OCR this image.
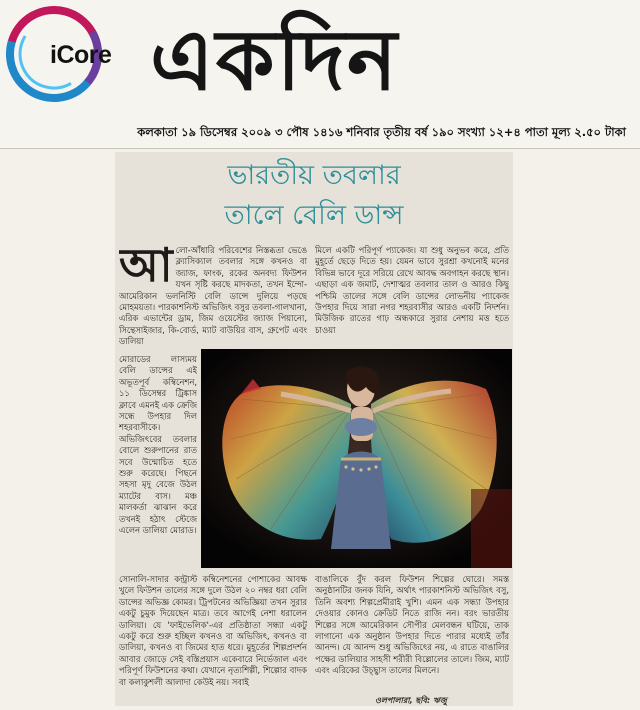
iCore একদিন
কলকাতা ১৯ ডিসেম্বর ২০০৯ ৩ পৌষ ১৪১৬ শনিবার তৃতীয় বর্ষ ১৯০ সংখ্যা ১২+৪ পাতা মূল্য ২.৫০ টাকা
ভারতীয় তবলার
তালে বেলি ডান্স
আলো-আঁধারি পরিবেশের নিস্তব্ধতা ভেঙে ক্ল্যাসিক্যাল তবলার সঙ্গে কখনও বা জ্যাজ, ফাংক, রকের অনবদ্য ফিউশন যখন সৃষ্টি করছে মাদকতা, তখন ইন্দো-আমেরিকান ভলনিস্টি বেলি ডান্সে দুলিয়ে পড়ছে মোহময়তা। পারকাশনিস্ট অভিজিৎ বসুর তবলা-গালখানা, এরিক এভান্টের ড্রাম, জিম ওয়েস্টের জ্যাজ পিয়ানো, সিন্থেসাইজার, কি-বোর্ড, ম্যাট বাউয়ির বাস, গ্রুপেট এবং ডালিয়া
মোরাডের লাস্যময় বেলি ডান্সের এই অভূতপূর্ব কম্বিনেশন, ১১ ডিসেম্বর ট্রিঙ্কাস ক্লাবে এমনই এক ক্রেজি সন্ধে উপহার দিল শহরবাসীকে। অভিজিৎবের তবলার বোলে শুরুপানের রাত সবে উন্মোচিত হতে শুরু করেছে। পিছনে সহসা মৃদু বেজে উঠল ম্যাটের বাস। মঞ্চ মালকর্তা ঝাঝান করে তখনই হঠাৎ স্টেজে এলেন ডালিয়া মোরাড।
মিলে একটি পরিপূর্ণ প্যাকেজ। যা শুধু অনুভব করে, প্রতি মুহূর্তে ছেড়ে দিতে হয়। যেমন ভাবে সুরশ্রা কখনোই মনের বিভিন্ন ভাবে দূরে সরিয়ে রেখে আবদ্ধ অবগাহন করছে স্থান। এছাড়া এক জমাট, দেশাত্মর তবলার তাল ও আরও কিছু পশ্চিমি তালের সঙ্গে বেলি ডান্সের লোভনীয় প্যাকেজ উপহার দিয়ে সারা নগর শহরবাসীর আরও একটি নিদর্শন। মিউজিক রাতের গাঢ় অন্ধকারে সুরার নেশায় মত্ত হতে চাওয়া
সোনালি-সাদার কন্ট্রাস্ট কম্বিনেশনের পোশাকের আবক্ষ খুলে ফিউশন তালের সঙ্গে দুলে উঠল ২০ নম্বর ধরা বেলি ডান্সের অভিজ্ঞ কোমর। ট্রিপটনের অভিজ্ঞিয়া তখন সুরার একটু চুমুক দিয়েছেন মাত্র। তবে আগেই নেশা ধরালেন ডালিয়া। যে 'ফাইভেলিক'-এর প্রতিষ্ঠাতা সন্ধ্যা একটু একটু করে শুরু হচ্ছিল কখনও বা অভিজিৎ, কখনও বা ডালিয়া, কখনও বা জিমের হাত ধরে। মুহূর্তের শিল্পপ্রদর্শন আবার জোড়ে সেই বস্তিপ্রয়াস একেবারে নির্ভেজাল এবং পরিপূর্ণ ফিউশনের কথা। যেখানে নৃত্যশিল্পী, শিল্পোর বাদক বা কলাকুশলী আলাদা কেউই নয়। সবাই
বাঙালিকে বুঁদ করল ফিউশন শিল্পের ঘোরে। সমস্ত অনুষ্ঠানটির জনক যিনি, অর্থাৎ পারকাশনিস্ট অভিজিৎ বসু, তিনি অবশ্য শিল্পপ্রেমীরাই খুশি। এমন এক সন্ধ্যা উপহার দেওয়ার কোনও ক্রেডিট নিতে রাজি নন। বরং ভারতীয় শিল্পের সঙ্গে আমেরিকান সৌপীর মেলবন্ধন ঘটিয়ে, তাক লাগানো এক অনুষ্ঠান উপহার দিতে পারার মধ্যেই তাঁর আনন্দ। যে আনন্দ শুধু অভিজিৎের নয়, এ রাতে বাঙালির পক্ষের ডালিয়ার সাহসী শরীরী বিল্লোলের তালে। জিম, ম্যাট এবং এরিকের উচ্ছ্বাস তালের মিলনে।
ওলপালারা, ছবি: ঋজু
